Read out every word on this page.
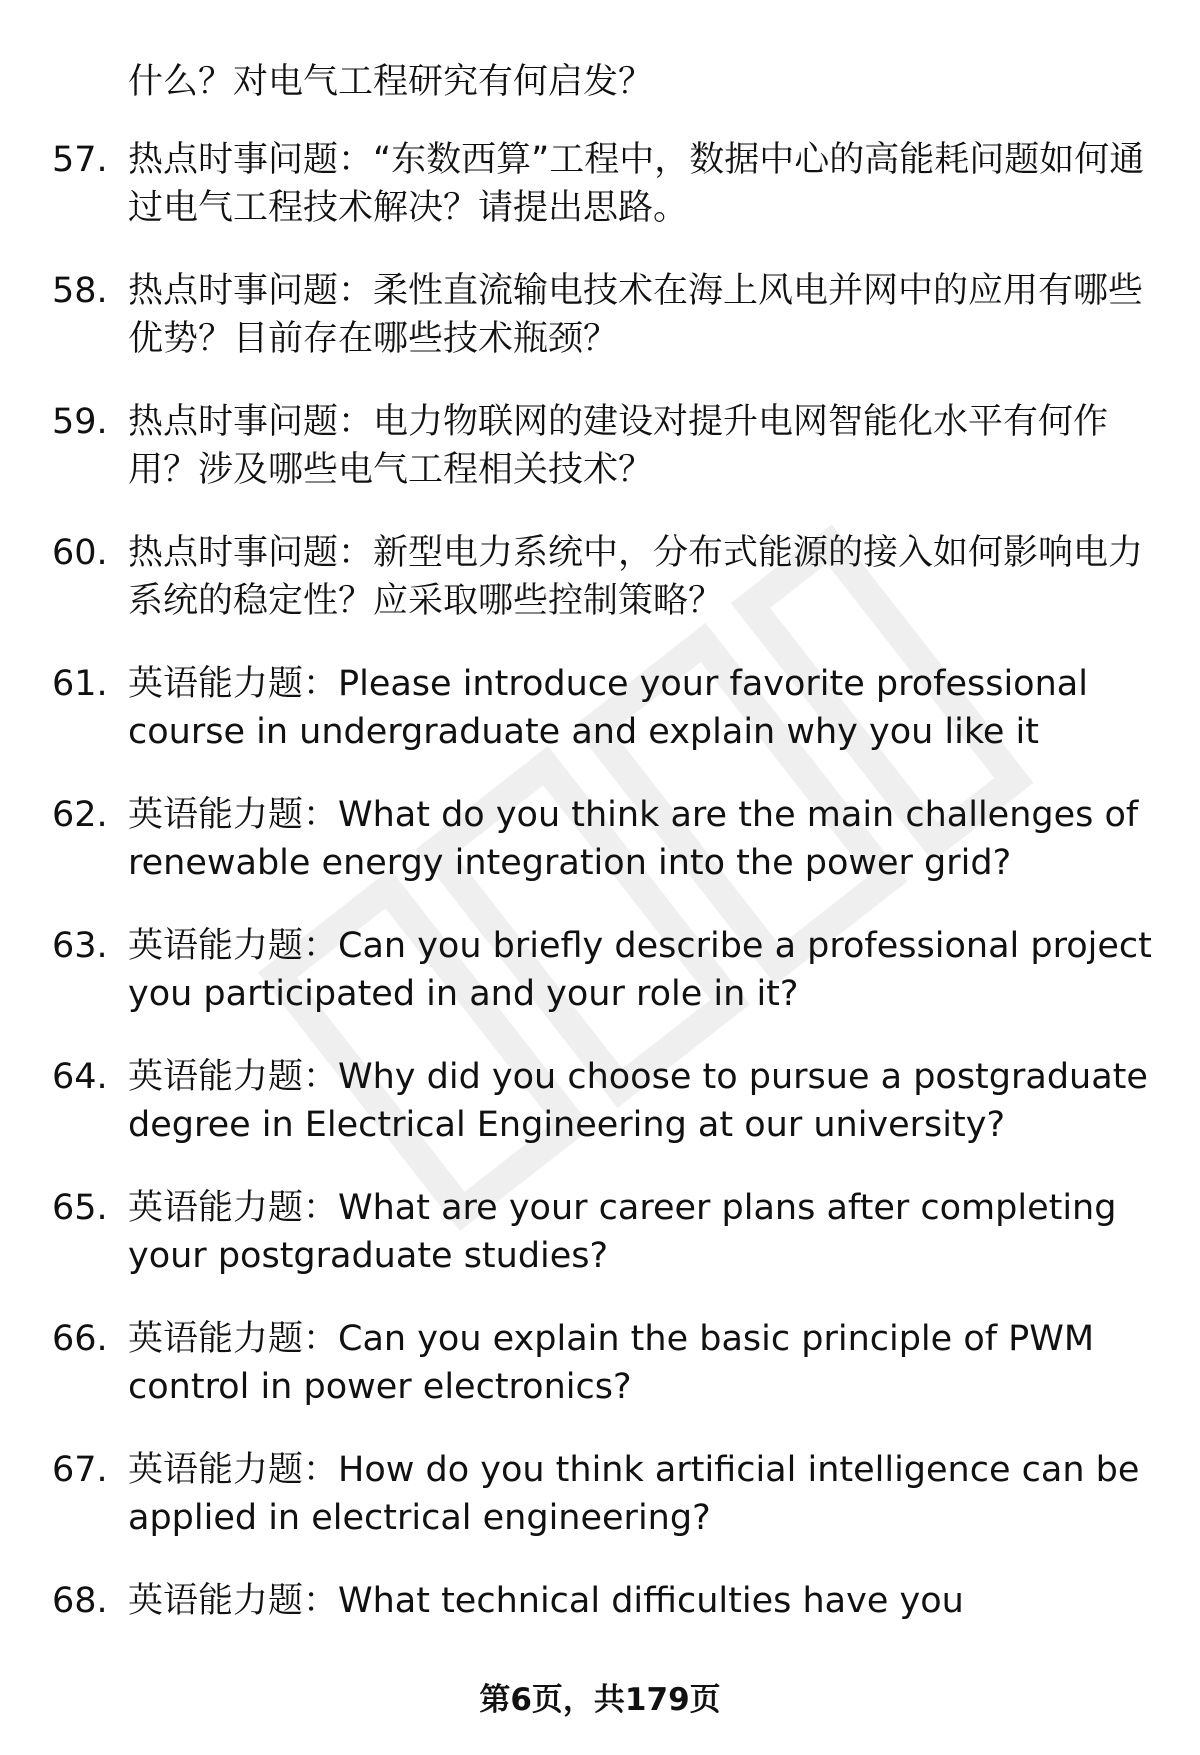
什么？对电气工程研究有何启发？
57. 热点时事问题：“东数西算”工程中，数据中心的高能耗问题如何通过电气工程技术解决？请提出思路。
58. 热点时事问题：柔性直流输电技术在海上风电并网中的应用有哪些优势？目前存在哪些技术瓶颈？
59. 热点时事问题：电力物联网的建设对提升电网智能化水平有何作用？涉及哪些电气工程相关技术？
60. 热点时事问题：新型电力系统中，分布式能源的接入如何影响电力系统的稳定性？应采取哪些控制策略？
61. 英语能力题：Please introduce your favorite professional course in undergraduate and explain why you like it
62. 英语能力题：What do you think are the main challenges of renewable energy integration into the power grid?
63. 英语能力题：Can you briefly describe a professional project you participated in and your role in it?
64. 英语能力题：Why did you choose to pursue a postgraduate degree in Electrical Engineering at our university?
65. 英语能力题：What are your career plans after completing your postgraduate studies?
66. 英语能力题：Can you explain the basic principle of PWM control in power electronics?
67. 英语能力题：How do you think artificial intelligence can be applied in electrical engineering?
68. 英语能力题：What technical difficulties have you
第6页，共179页
